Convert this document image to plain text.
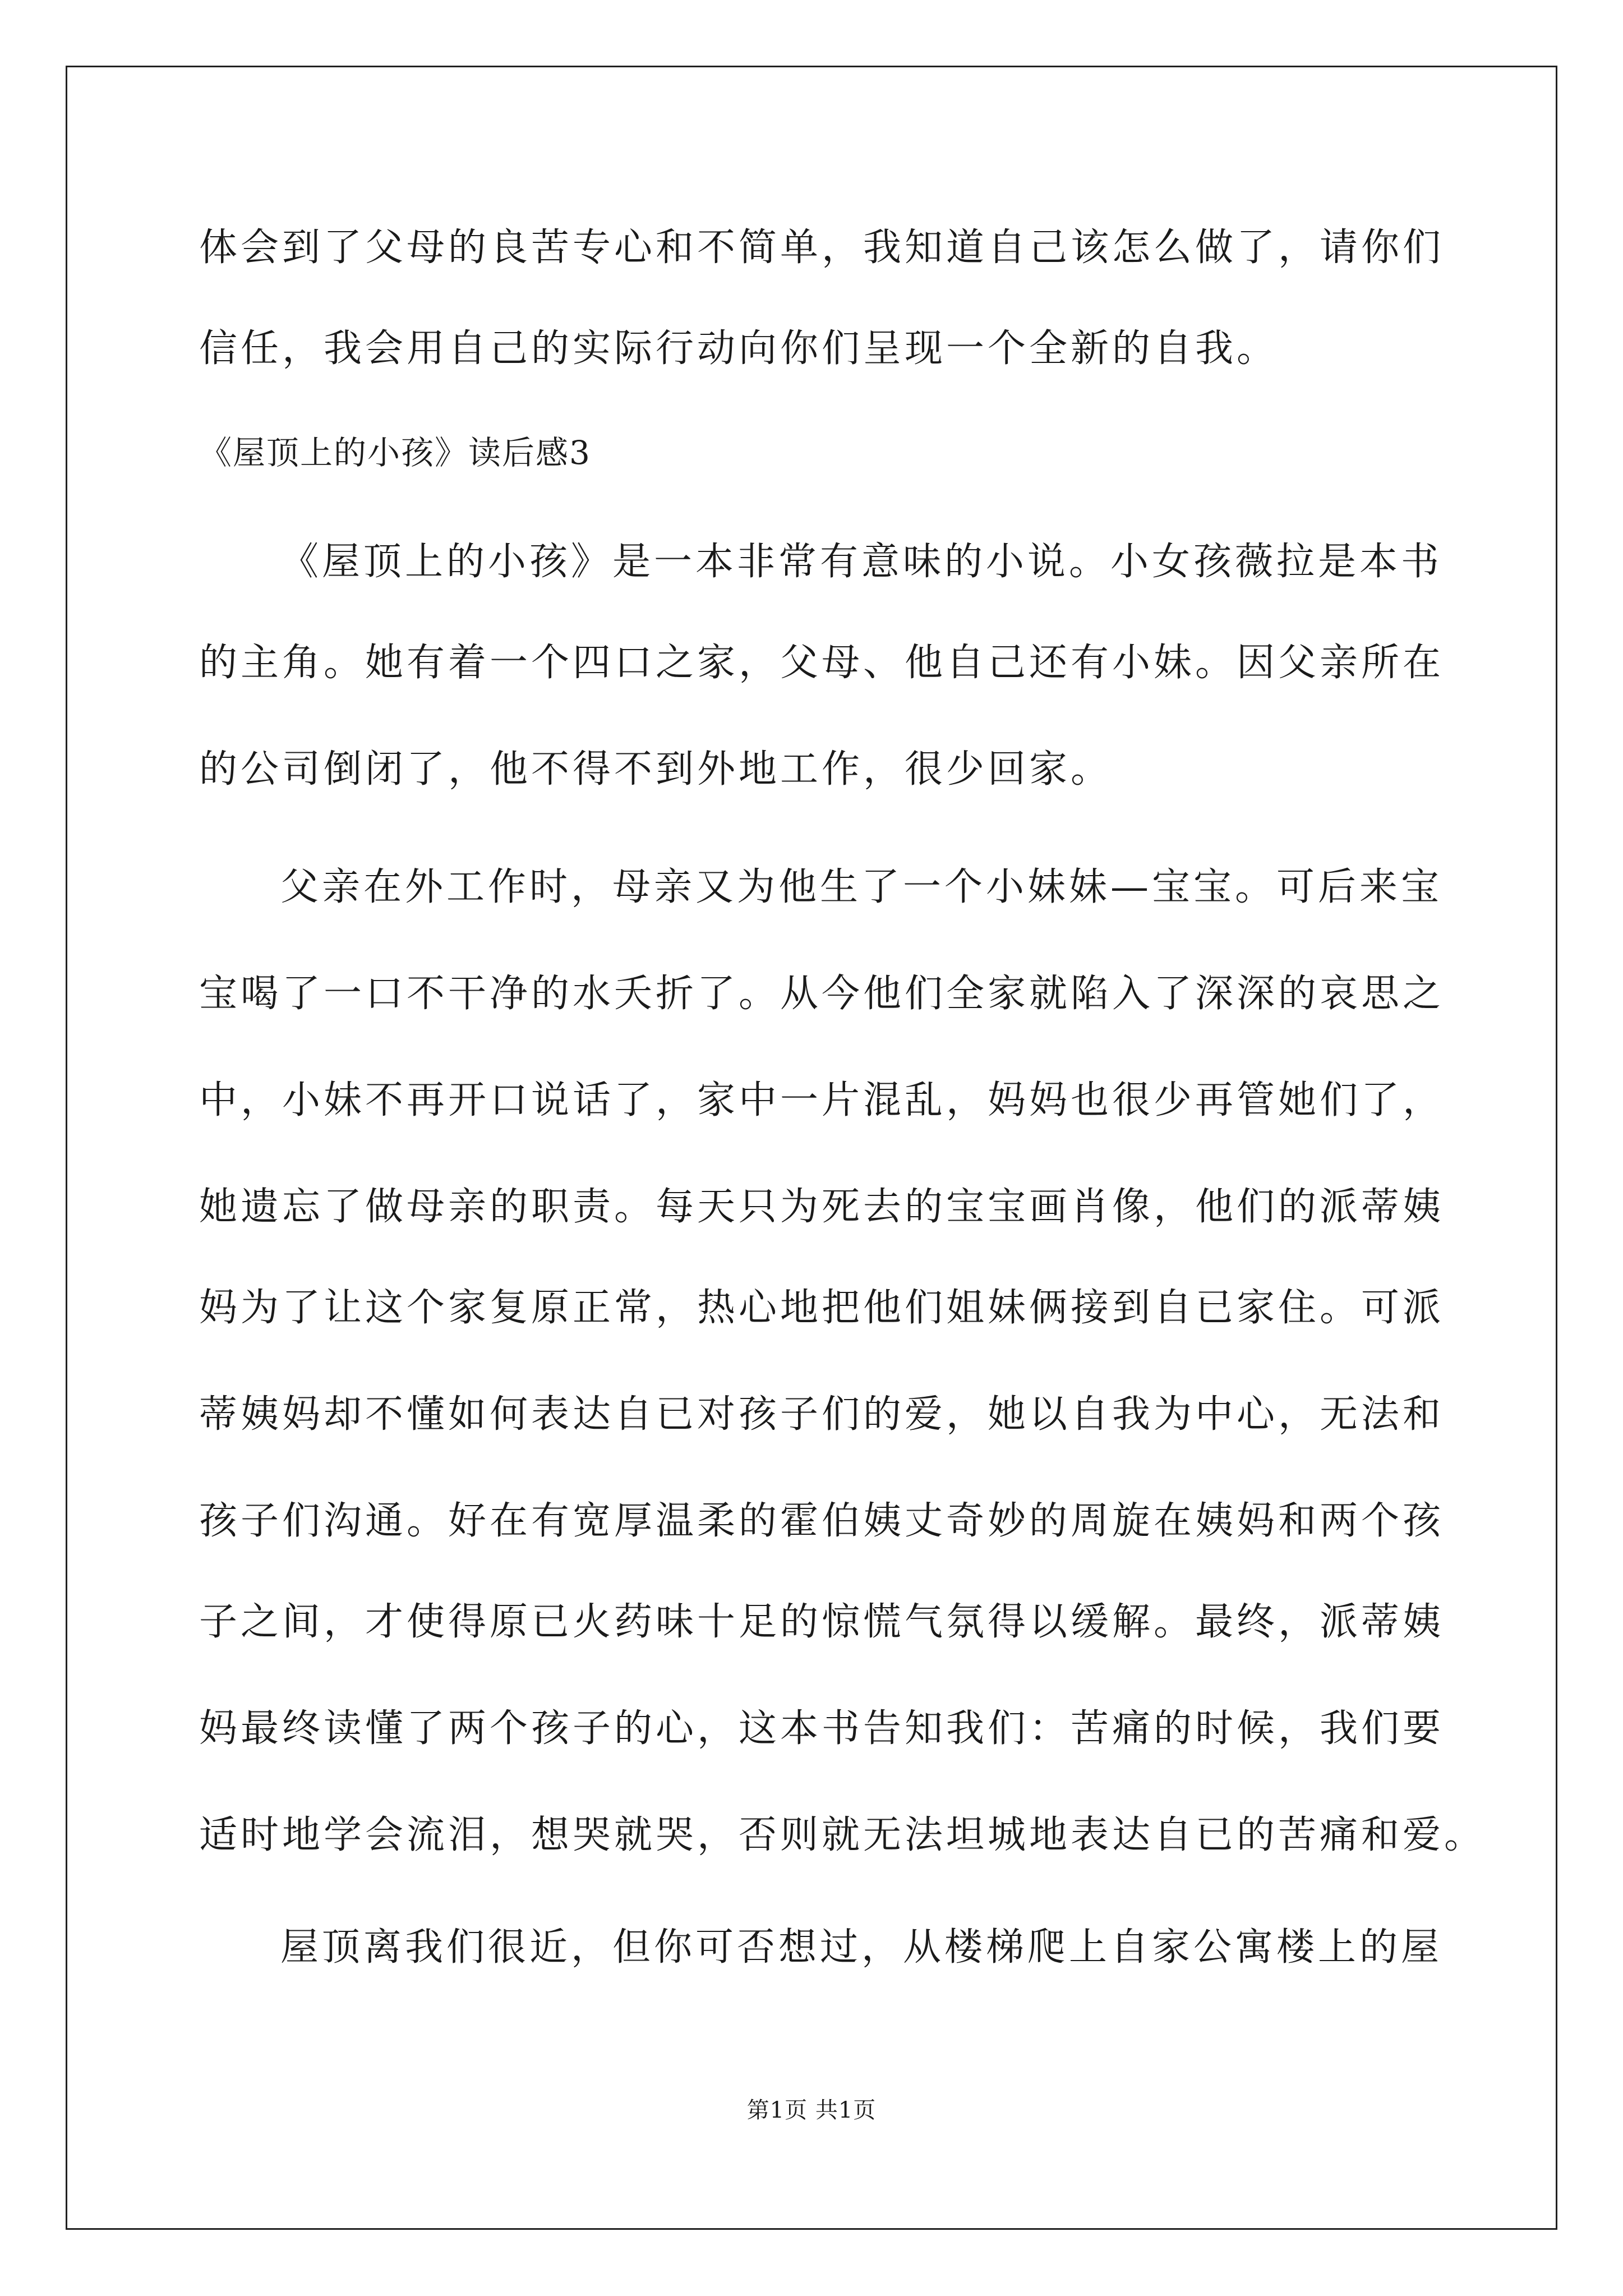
体会到了父母的良苦专心和不简单，我知道自己该怎么做了，请你们
信任，我会用自己的实际行动向你们呈现一个全新的自我。
《屋顶上的小孩》读后感3
《屋顶上的小孩》是一本非常有意味的小说。小女孩薇拉是本书
的主角。她有着一个四口之家，父母、他自己还有小妹。因父亲所在
的公司倒闭了，他不得不到外地工作，很少回家。
父亲在外工作时，母亲又为他生了一个小妹妹—宝宝。可后来宝
宝喝了一口不干净的水夭折了。从今他们全家就陷入了深深的哀思之
中，小妹不再开口说话了，家中一片混乱，妈妈也很少再管她们了，
她遗忘了做母亲的职责。每天只为死去的宝宝画肖像，他们的派蒂姨
妈为了让这个家复原正常，热心地把他们姐妹俩接到自已家住。可派
蒂姨妈却不懂如何表达自已对孩子们的爱，她以自我为中心，无法和
孩子们沟通。好在有宽厚温柔的霍伯姨丈奇妙的周旋在姨妈和两个孩
子之间，才使得原已火药味十足的惊慌气氛得以缓解。最终，派蒂姨
妈最终读懂了两个孩子的心，这本书告知我们：苦痛的时候，我们要
适时地学会流泪，想哭就哭，否则就无法坦城地表达自已的苦痛和爱。
屋顶离我们很近，但你可否想过，从楼梯爬上自家公寓楼上的屋
第1页 共1页
